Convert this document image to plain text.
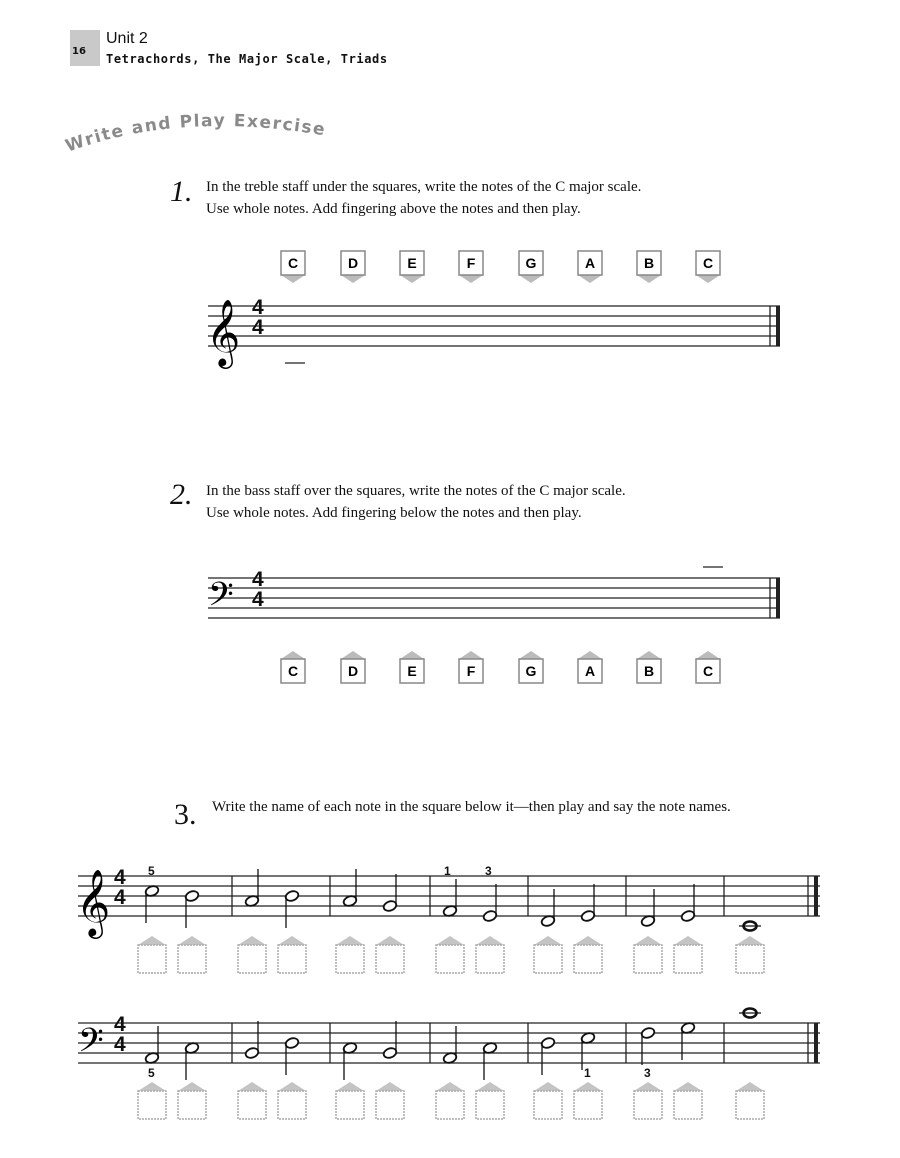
16
Unit 2
Tetrachords, The Major Scale, Triads
Write and Play Exercise
1. In the treble staff under the squares, write the notes of the C major scale.
Use whole notes. Add fingering above the notes and then play.
C	D	E	F	G	A	B	C
𝄞 4
4
2. In the bass staff over the squares, write the notes of the C major scale.
Use whole notes. Add fingering below the notes and then play.
𝄢 4
4
C	D	E	F	G	A	B	C
3. Write the name of each note in the square below it—then play and say the note names.
𝄞 4
4
5	1	3
𝄢 4
4
5	1	3
